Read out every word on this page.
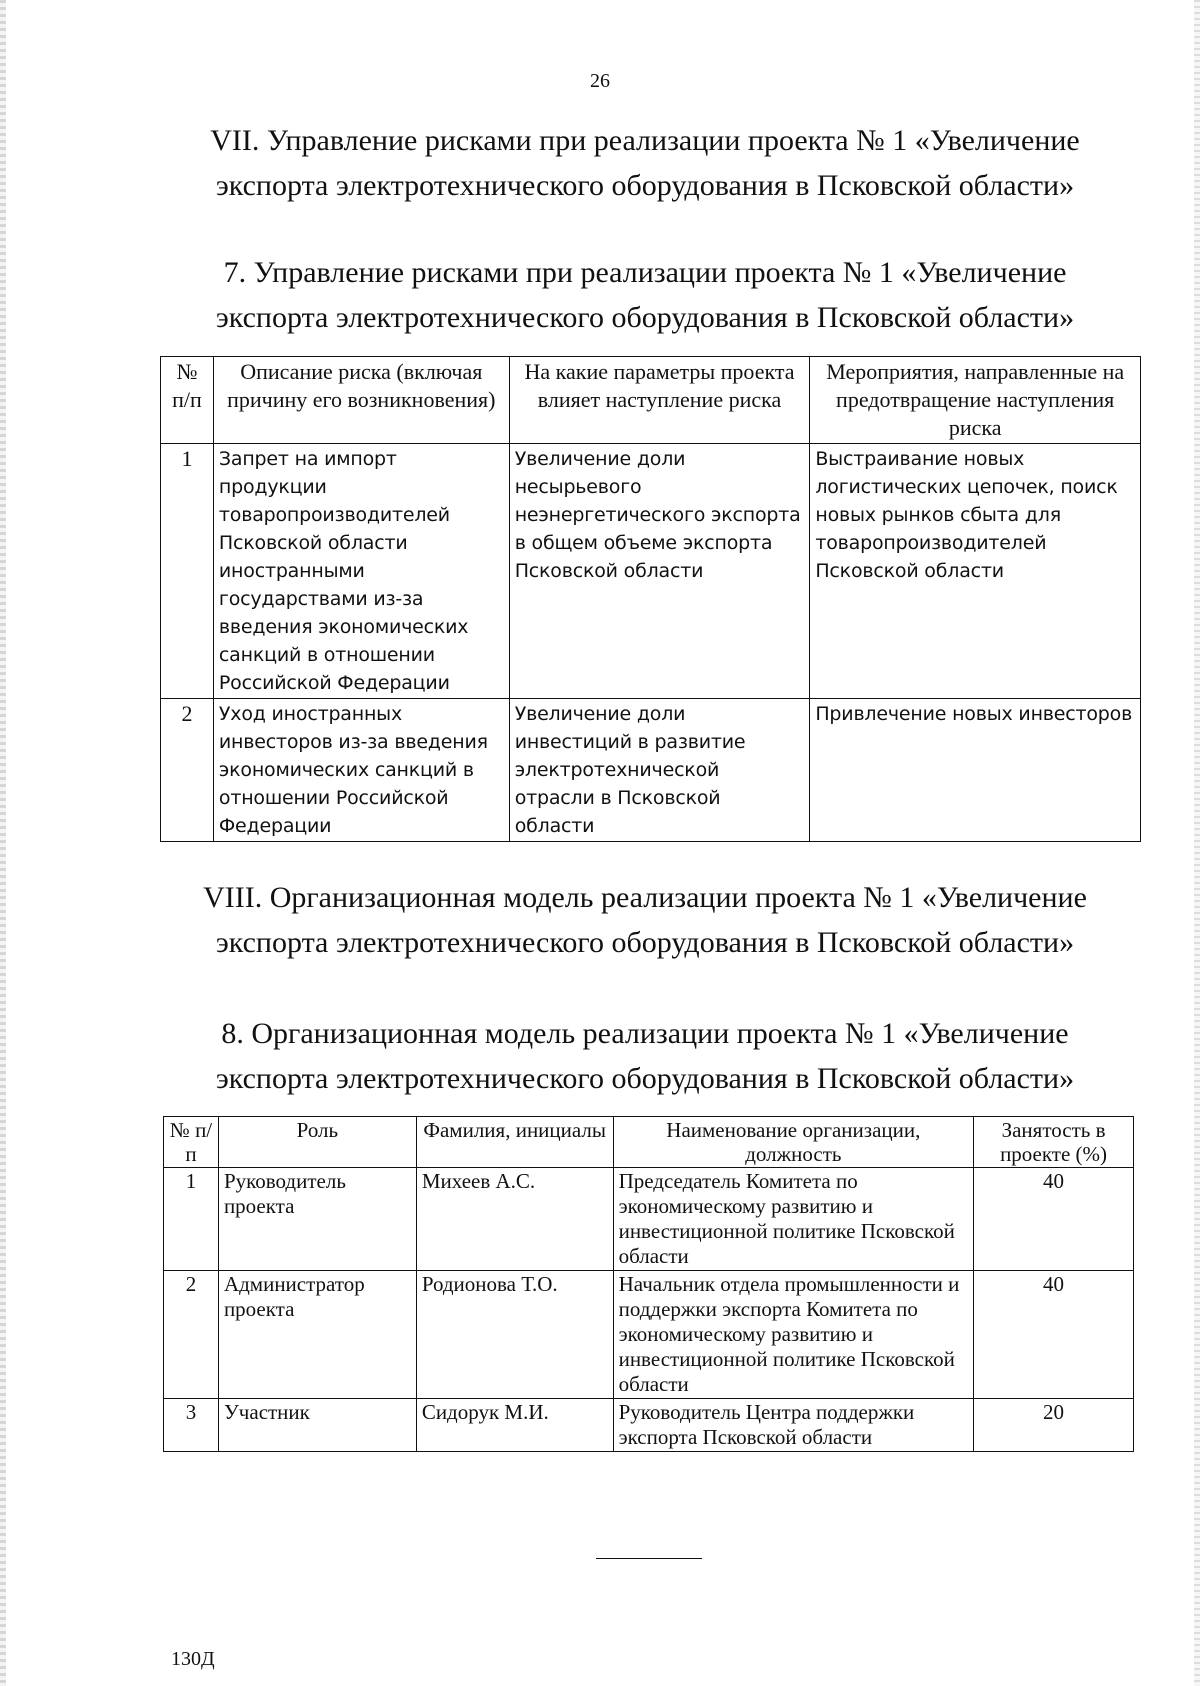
26
VII. Управление рисками при реализации проекта № 1 «Увеличение
экспорта электротехнического оборудования в Псковской области»
7. Управление рисками при реализации проекта № 1 «Увеличение
экспорта электротехнического оборудования в Псковской области»
№ п/п	Описание риска (включая причину его возникновения)	На какие параметры проекта влияет наступление риска	Мероприятия, направленные на предотвращение наступления риска
1	Запрет на импорт продукции товаропроизводителей Псковской области иностранными государствами из-за введения экономических санкций в отношении Российской Федерации	Увеличение доли несырьевого неэнергетического экспорта в общем объеме экспорта Псковской области	Выстраивание новых логистических цепочек, поиск новых рынков сбыта для товаропроизводителей Псковской области
2	Уход иностранных инвесторов из-за введения экономических санкций в отношении Российской Федерации	Увеличение доли инвестиций в развитие электротехнической отрасли в Псковской области	Привлечение новых инвесторов
VIII. Организационная модель реализации проекта № 1 «Увеличение
экспорта электротехнического оборудования в Псковской области»
8. Организационная модель реализации проекта № 1 «Увеличение
экспорта электротехнического оборудования в Псковской области»
№ п/п	Роль	Фамилия, инициалы	Наименование организации, должность	Занятость в проекте (%)
1	Руководитель проекта	Михеев А.С.	Председатель Комитета по экономическому развитию и инвестиционной политике Псковской области	40
2	Администратор проекта	Родионова Т.О.	Начальник отдела промышленности и поддержки экспорта Комитета по экономическому развитию и инвестиционной политике Псковской области	40
3	Участник	Сидорук М.И.	Руководитель Центра поддержки экспорта Псковской области	20
130Д
